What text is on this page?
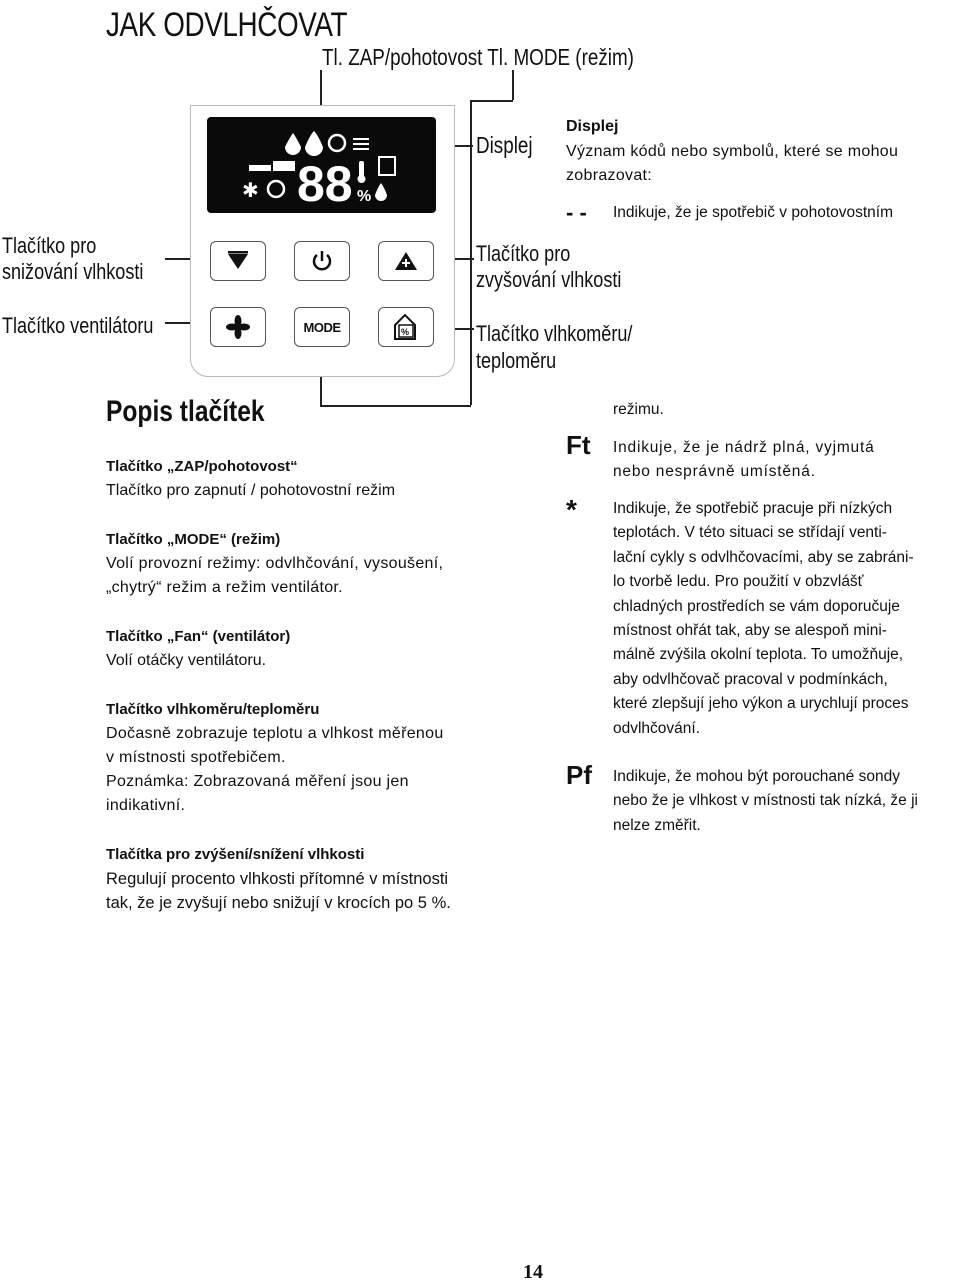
JAK ODVLHČOVAT
Tl. ZAP/pohotovost Tl. MODE (režim)
✱ 88 %
MODE	%
Displej
Tlačítko pro
snižování vlhkosti
Tlačítko ventilátoru
Tlačítko pro
zvyšování vlhkosti
Tlačítko vlhkoměru/
teploměru
Displej
Význam kódů nebo symbolů, které se mohou
zobrazovat:
- - Indikuje, že je spotřebič v pohotovostním
režimu.
Ft Indikuje, že je nádrž plná, vyjmutá
nebo nesprávně umístěná.
* Indikuje, že spotřebič pracuje při nízkých
teplotách. V této situaci se střídají venti-
lační cykly s odvlhčovacími, aby se zabráni-
lo tvorbě ledu. Pro použití v obzvlášť
chladných prostředích se vám doporučuje
místnost ohřát tak, aby se alespoň mini-
málně zvýšila okolní teplota. To umožňuje,
aby odvlhčovač pracoval v podmínkách,
které zlepšují jeho výkon a urychlují proces
odvlhčování.
Pf Indikuje, že mohou být porouchané sondy
nebo že je vlhkost v místnosti tak nízká, že ji
nelze změřit.
Popis tlačítek
Tlačítko „ZAP/pohotovost“
Tlačítko pro zapnutí / pohotovostní režim
Tlačítko „MODE“ (režim)
Volí provozní režimy: odvlhčování, vysoušení,
„chytrý“ režim a režim ventilátor.
Tlačítko „Fan“ (ventilátor)
Volí otáčky ventilátoru.
Tlačítko vlhkoměru/teploměru
Dočasně zobrazuje teplotu a vlhkost měřenou
v místnosti spotřebičem.
Poznámka: Zobrazovaná měření jsou jen
indikativní.
Tlačítka pro zvýšení/snížení vlhkosti
Regulují procento vlhkosti přítomné v místnosti
tak, že je zvyšují nebo snižují v krocích po 5 %.
14
